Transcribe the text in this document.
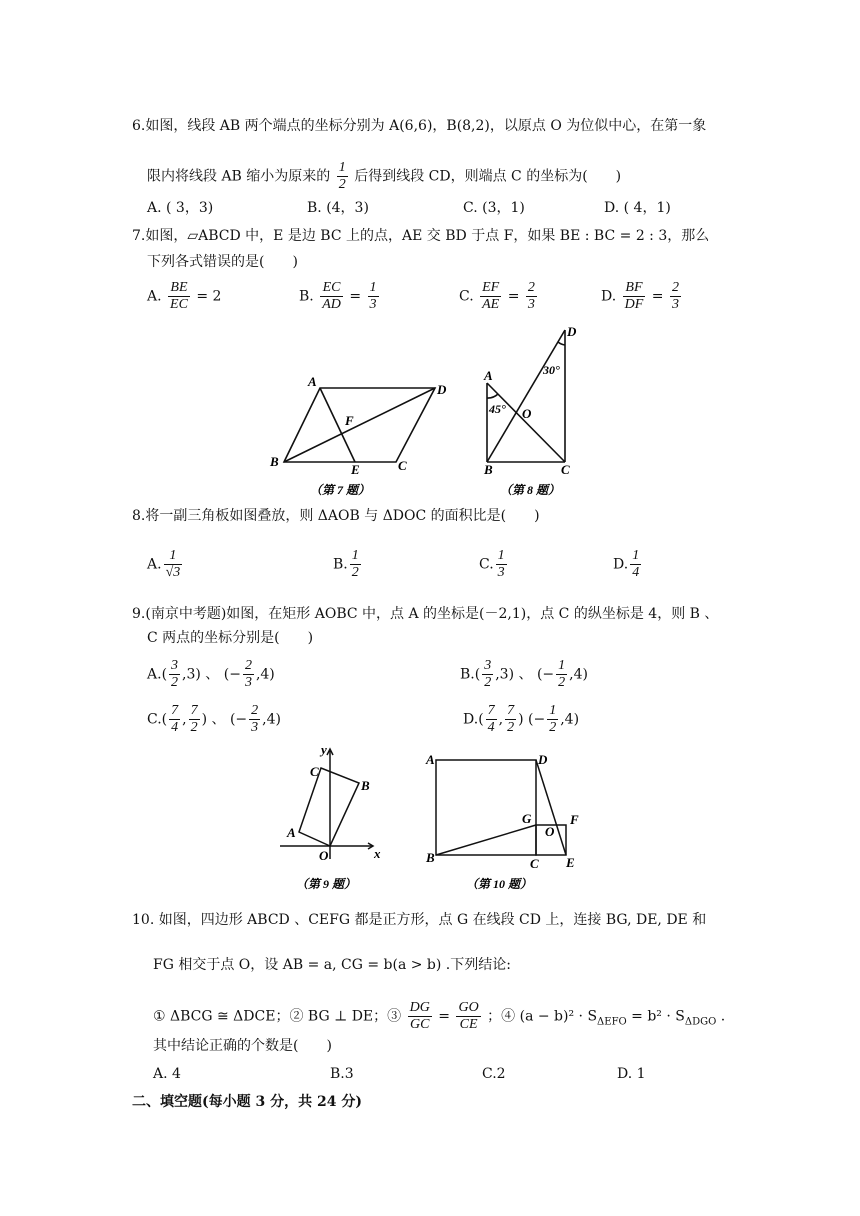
6.如图，线段 AB 两个端点的坐标分别为 A(6,6)，B(8,2)，以原点 O 为位似中心，在第一象
限内将线段 AB 缩小为原来的 $\frac{1}{2}$ 后得到线段 CD，则端点 C 的坐标为(　　)
A. ( 3，3)	B. (4，3)	C. (3，1)	D. ( 4，1)
7.如图，▱ABCD 中，E 是边 BC 上的点，AE 交 BD 于点 F，如果 BE : BC = 2 : 3，那么
下列各式错误的是(　　)
A. $\frac{BE}{EC} = 2$	B. $\frac{EC}{AD} = \frac{1}{3}$	C. $\frac{EF}{AE} = \frac{2}{3}$	D. $\frac{BF}{DF} = \frac{2}{3}$
A
D
B	C
E
F
（第 7 题）
A
D
B	C
O
45°
30°
（第 8 题）
8.将一副三角板如图叠放，则 ΔAOB 与 ΔDOC 的面积比是(　　)
A. $\frac{1}{√3}$	B. $\frac{1}{2}$	C. $\frac{1}{3}$	D. $\frac{1}{4}$
9.(南京中考题)如图，在矩形 AOBC 中，点 A 的坐标是(－2,1)，点 C 的纵坐标是 4，则 B 、
C 两点的坐标分别是(　　)
$A.( \frac{3}{2} ,3)$ 、 (− $\frac{2}{3} ,4$)	$B.( \frac{3}{2} ,3)$ 、 (− $\frac{1}{2} ,4$)
$C.( \frac{7}{4}$ , $\frac{7}{2}$ ) 、 (− $\frac{2}{3} ,4$)	$D.( \frac{7}{4}$ , $\frac{7}{2}$ ) (− $\frac{1}{2} ,4$)
y
x
A
C
B
O
（第 9 题）
A	D
B	C E
F
G
O
（第 10 题）
10. 如图，四边形 ABCD 、CEFG 都是正方形，点 G 在线段 CD 上，连接 BG, DE, DE 和
FG 相交于点 O，设 AB = a, CG = b(a > b) .下列结论:
① ΔBCG ≅ ΔDCE；② BG ⊥ DE；③ $\frac{DG}{GC} = \frac{GO}{CE}$ ；④ $(a - b)^2 \cdot S_{\Delta EFO} = b^2 \cdot S_{\Delta DGO}$ .
其中结论正确的个数是(　　)
A. 4	B.3	C.2	D. 1
二、填空题(每小题 3 分，共 24 分)
